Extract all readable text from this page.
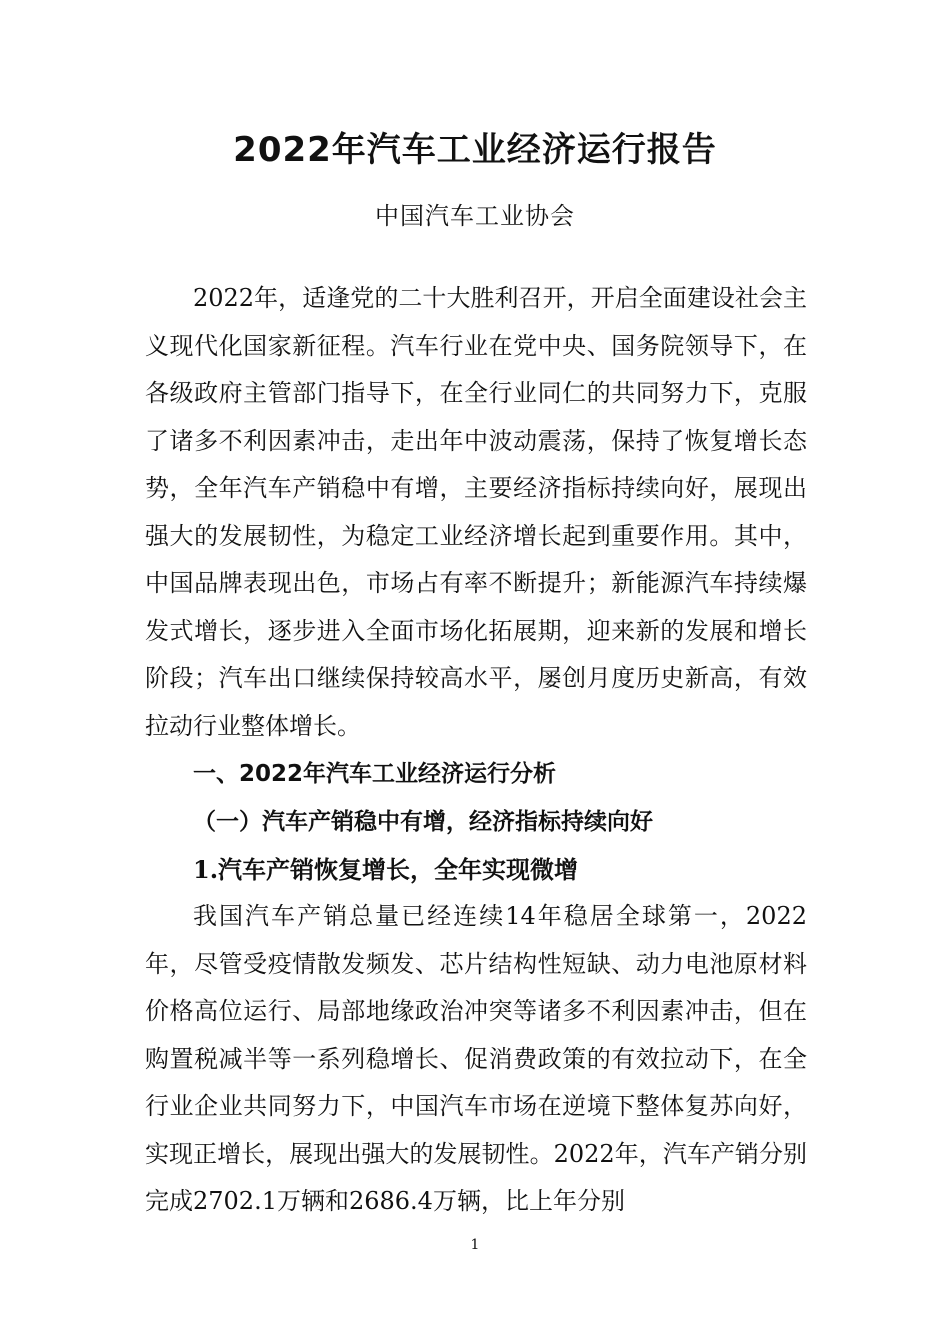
2022年汽车工业经济运行报告

中国汽车工业协会

2022年，适逢党的二十大胜利召开，开启全面建设社会主义现代化国家新征程。汽车行业在党中央、国务院领导下，在各级政府主管部门指导下，在全行业同仁的共同努力下，克服了诸多不利因素冲击，走出年中波动震荡，保持了恢复增长态势，全年汽车产销稳中有增，主要经济指标持续向好，展现出强大的发展韧性，为稳定工业经济增长起到重要作用。其中，中国品牌表现出色，市场占有率不断提升；新能源汽车持续爆发式增长，逐步进入全面市场化拓展期，迎来新的发展和增长阶段；汽车出口继续保持较高水平，屡创月度历史新高，有效拉动行业整体增长。

一、2022年汽车工业经济运行分析
（一）汽车产销稳中有增，经济指标持续向好
1.汽车产销恢复增长，全年实现微增

我国汽车产销总量已经连续14年稳居全球第一，2022年，尽管受疫情散发频发、芯片结构性短缺、动力电池原材料价格高位运行、局部地缘政治冲突等诸多不利因素冲击，但在购置税减半等一系列稳增长、促消费政策的有效拉动下，在全行业企业共同努力下，中国汽车市场在逆境下整体复苏向好，实现正增长，展现出强大的发展韧性。2022年，汽车产销分别完成2702.1万辆和2686.4万辆，比上年分别

1
